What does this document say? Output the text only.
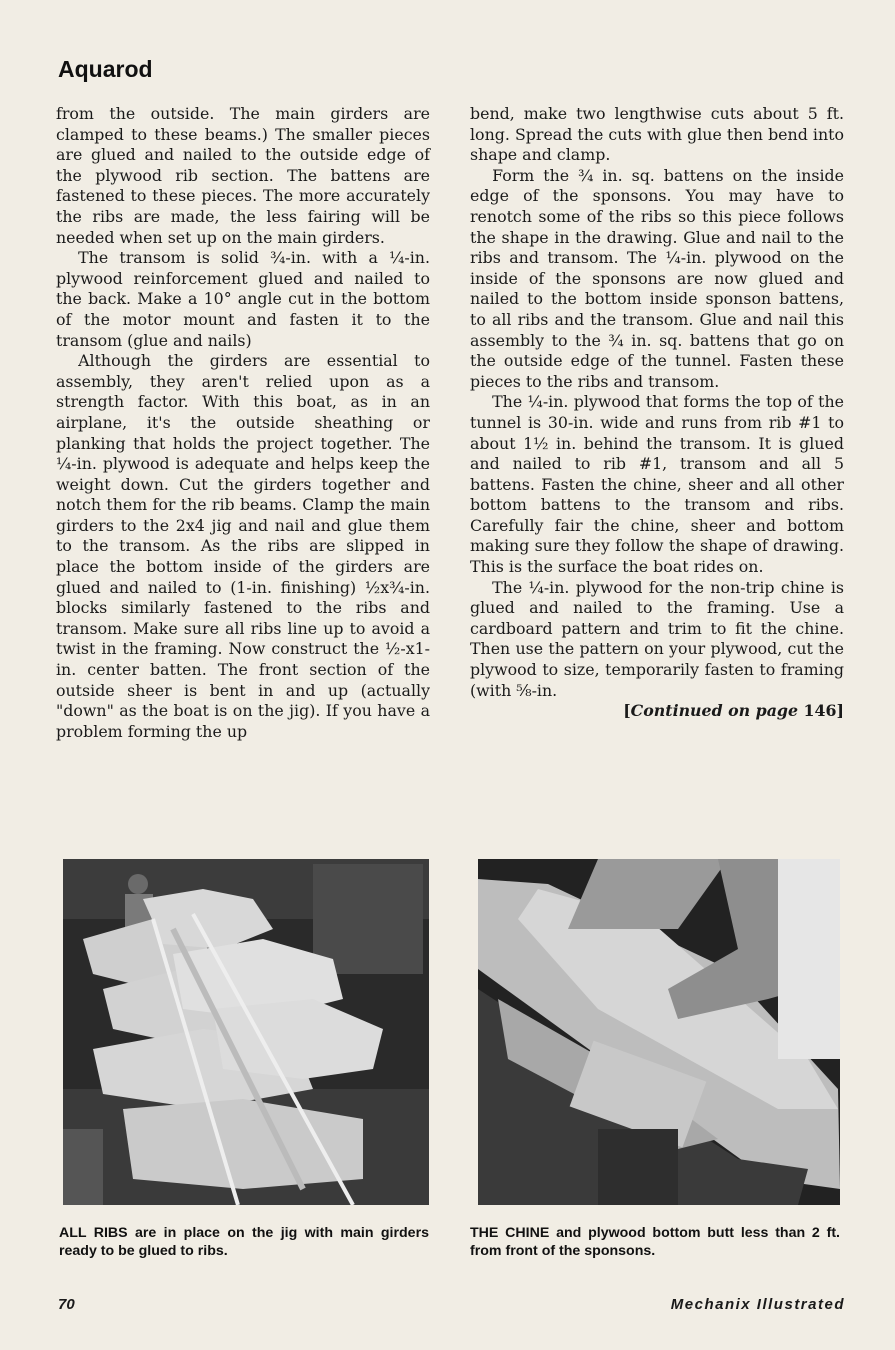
Aquarod

from the outside. The main girders are clamped to these beams.) The smaller pieces are glued and nailed to the outside edge of the plywood rib section. The battens are fastened to these pieces. The more accurately the ribs are made, the less fairing will be needed when set up on the main girders.

The transom is solid ¾-in. with a ¼-in. plywood reinforcement glued and nailed to the back. Make a 10° angle cut in the bottom of the motor mount and fasten it to the transom (glue and nails)

Although the girders are essential to assembly, they aren't relied upon as a strength factor. With this boat, as in an airplane, it's the outside sheathing or planking that holds the project together. The ¼-in. plywood is adequate and helps keep the weight down. Cut the girders together and notch them for the rib beams. Clamp the main girders to the 2x4 jig and nail and glue them to the transom. As the ribs are slipped in place the bottom inside of the girders are glued and nailed to (1-in. finishing) ½x¾-in. blocks similarly fastened to the ribs and transom. Make sure all ribs line up to avoid a twist in the framing. Now construct the ½-x1-in. center batten. The front section of the outside sheer is bent in and up (actually "down" as the boat is on the jig). If you have a problem forming the up

bend, make two lengthwise cuts about 5 ft. long. Spread the cuts with glue then bend into shape and clamp.

Form the ¾ in. sq. battens on the inside edge of the sponsons. You may have to renotch some of the ribs so this piece follows the shape in the drawing. Glue and nail to the ribs and transom. The ¼-in. plywood on the inside of the sponsons are now glued and nailed to the bottom inside sponson battens, to all ribs and the transom. Glue and nail this assembly to the ¾ in. sq. battens that go on the outside edge of the tunnel. Fasten these pieces to the ribs and transom.

The ¼-in. plywood that forms the top of the tunnel is 30-in. wide and runs from rib #1 to about 1½ in. behind the transom. It is glued and nailed to rib #1, transom and all 5 battens. Fasten the chine, sheer and all other bottom battens to the transom and ribs. Carefully fair the chine, sheer and bottom making sure they follow the shape of drawing. This is the surface the boat rides on.

The ¼-in. plywood for the non-trip chine is glued and nailed to the framing. Use a cardboard pattern and trim to fit the chine. Then use the pattern on your plywood, cut the plywood to size, temporarily fasten to framing (with ⅝-in.

[Continued on page 146]

ALL RIBS are in place on the jig with main girders ready to be glued to ribs.
THE CHINE and plywood bottom butt less than 2 ft. from front of the sponsons.
70	Mechanix Illustrated
